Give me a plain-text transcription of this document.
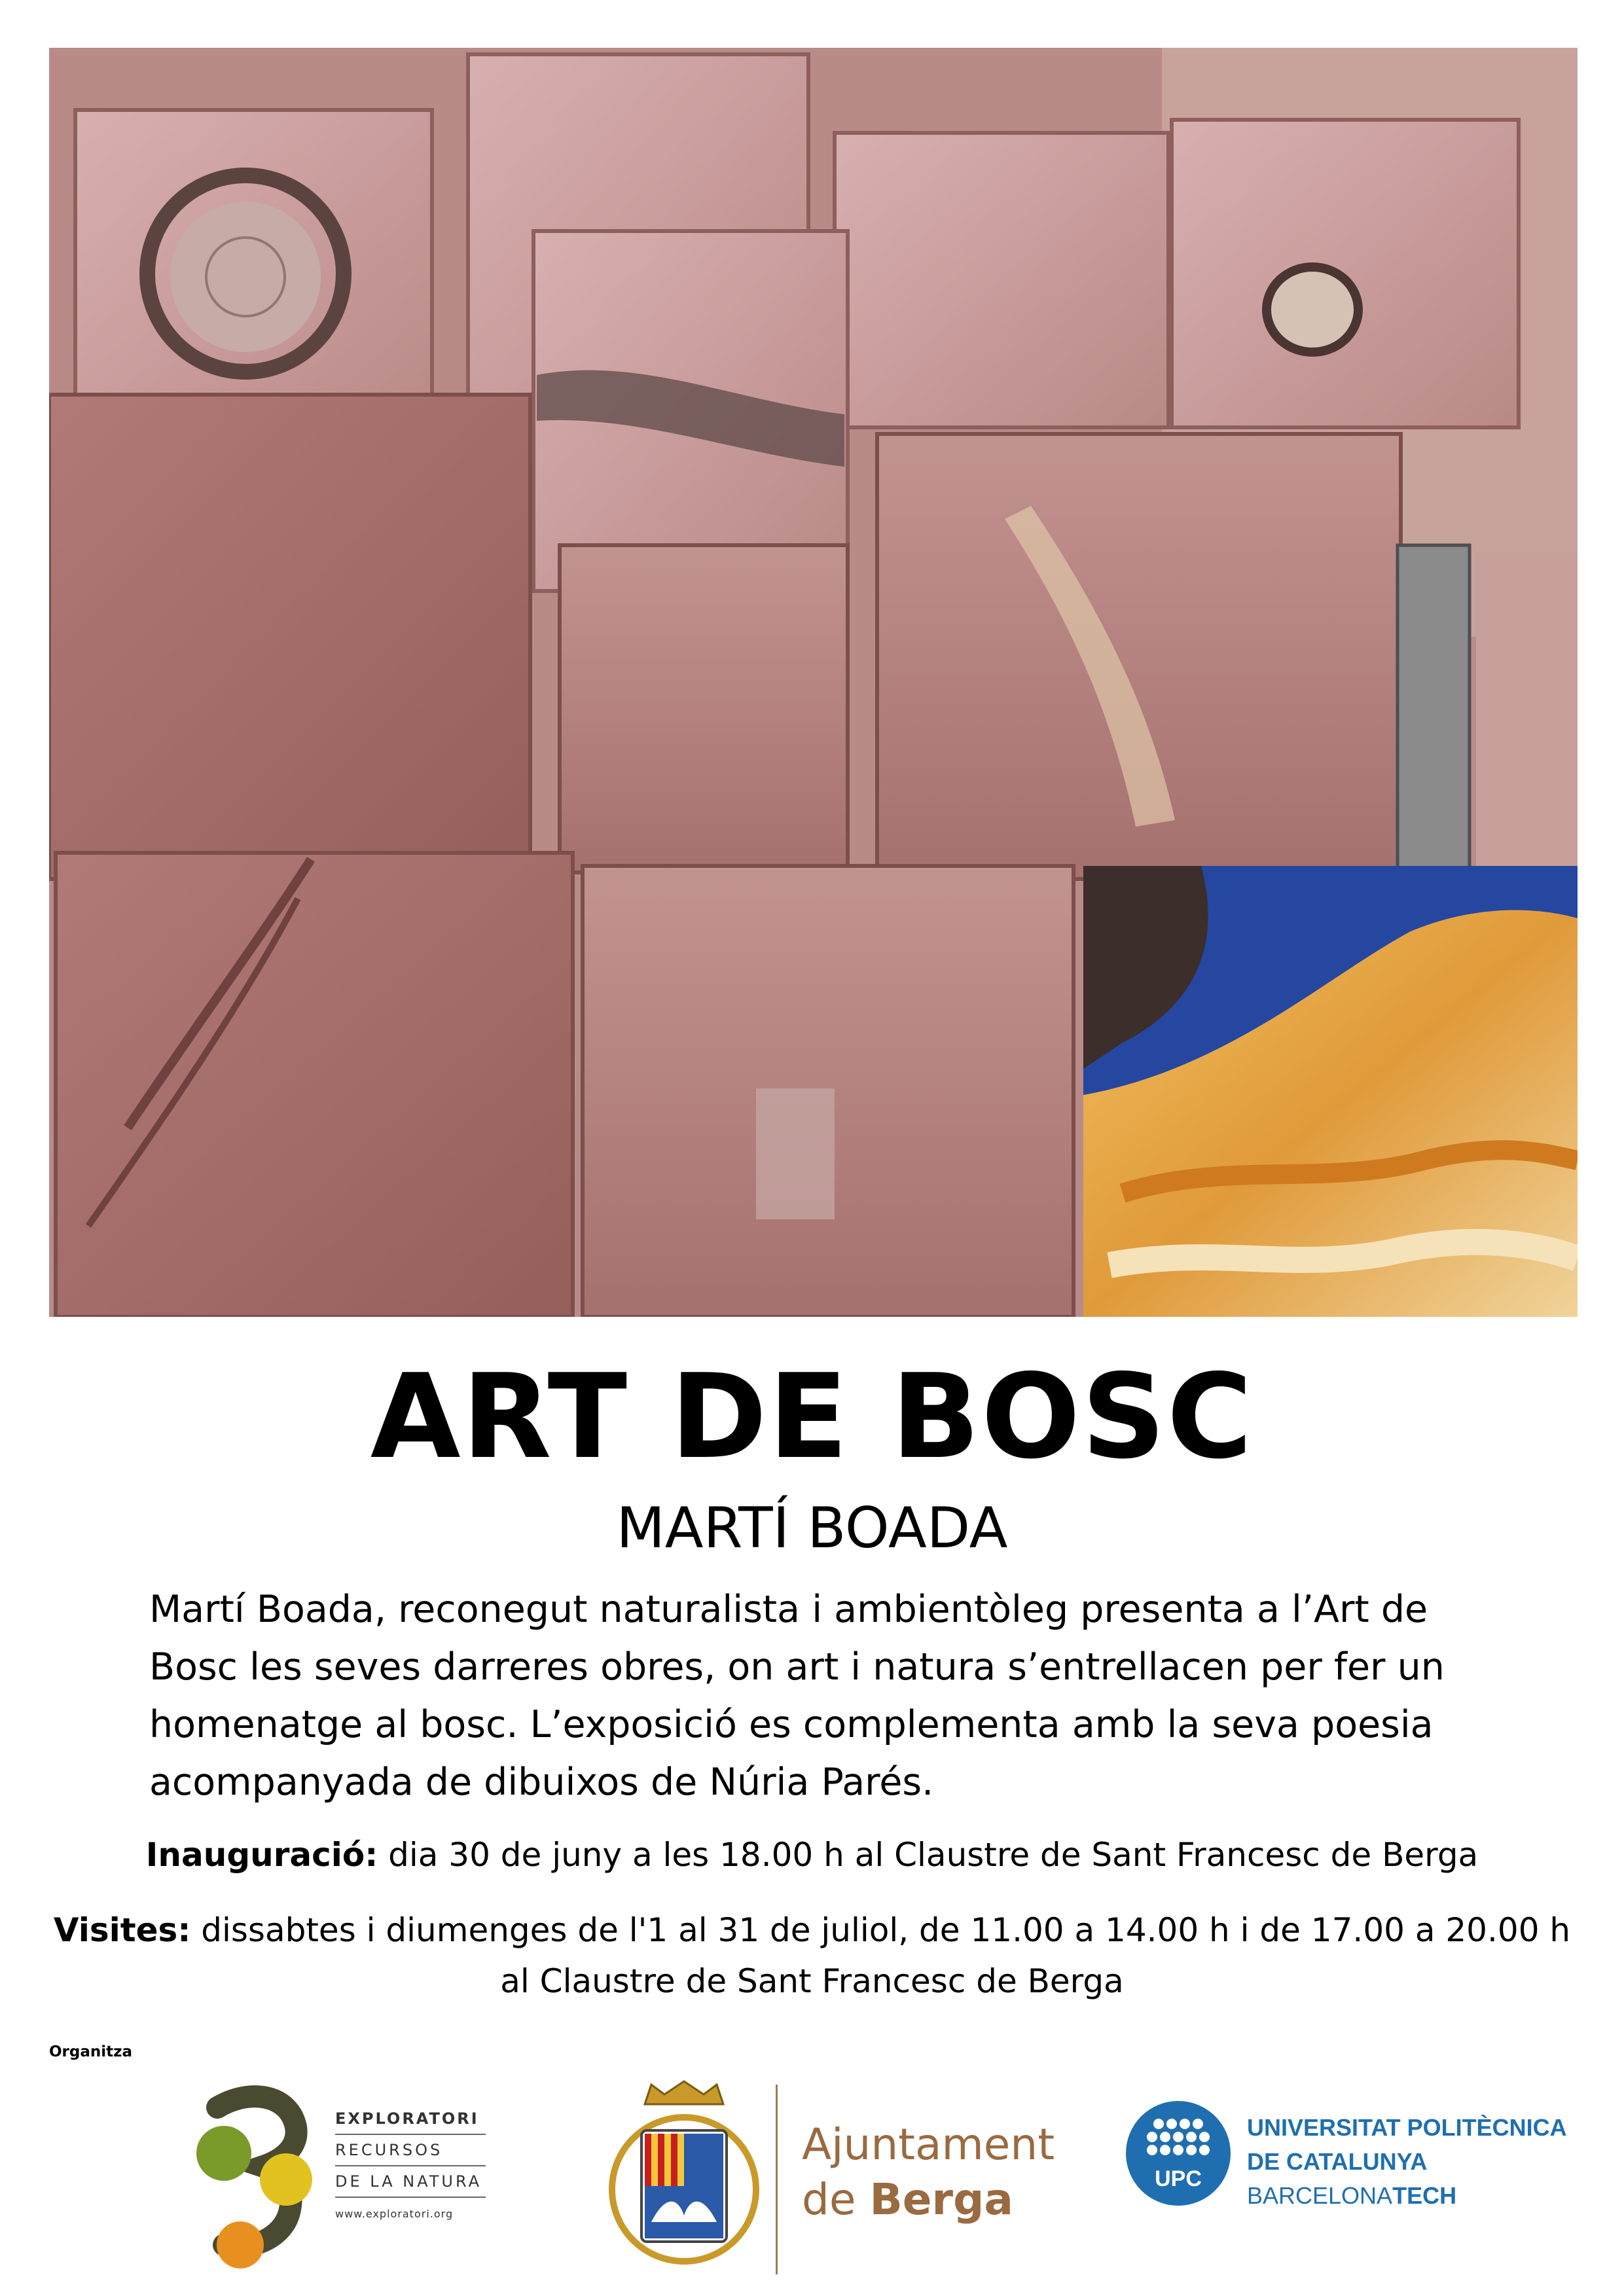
ART DE BOSC
MARTÍ BOADA

Martí Boada, reconegut naturalista i ambientòleg presenta a l’Art de

Bosc les seves darreres obres, on art i natura s’entrellacen per fer un

homenatge al bosc. L’exposició es complementa amb la seva poesia

acompanyada de dibuixos de Núria Parés.

Inauguració: dia 30 de juny a les 18.00 h al Claustre de Sant Francesc de Berga
Visites: dissabtes i diumenges de l'1 al 31 de juliol, de 11.00 a 14.00 h i de 17.00 a 20.00 h
al Claustre de Sant Francesc de Berga
Organitza
EXPLORATORI
RECURSOS
DE LA NATURA
www.exploratori.org
Ajuntament
de Berga	UPC
UNIVERSITAT POLITÈCNICA
DE CATALUNYA
BARCELONATECH
